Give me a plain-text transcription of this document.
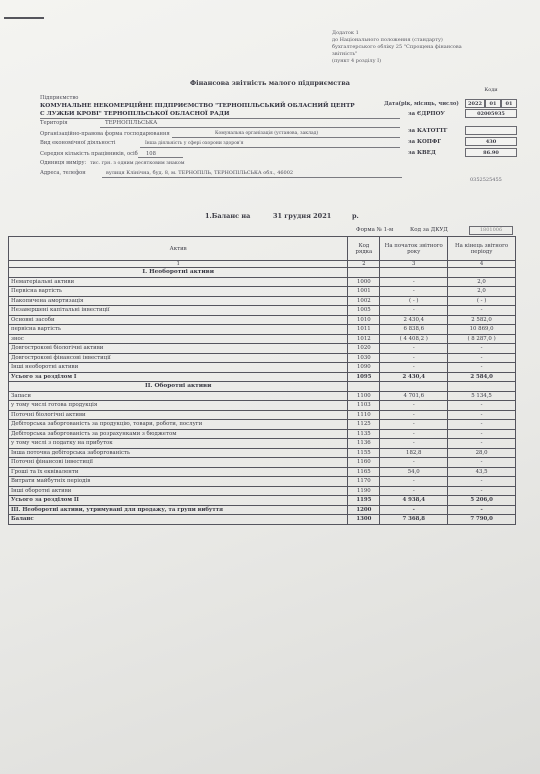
Додаток 1
до Національного положення (стандарту)
бухгалтерського обліку 25 "Спрощена фінансова
звітність"
(пункт 4 розділу I)
Фінансова звітність малого підприємства
Коди
Дата(рік, місяць, число)	2022	01	01
за ЄДРПОУ	02005935
за КАТОТТГ
за КОПФГ	430
за КВЕД	86.90
Підприємство
КОМУНАЛЬНЕ НЕКОМЕРЦІЙНЕ ПІДПРИЄМСТВО "ТЕРНОПІЛЬСЬКИЙ ОБЛАСНИЙ ЦЕНТР
С ЛУЖБИ КРОВІ" ТЕРНОПІЛЬСЬКОЇ ОБЛАСНОЇ РАДИ
Територія	ТЕРНОПІЛЬСЬКА
Організаційно-правова форма господарювання	Комунальна організація (установа, заклад)
Вид економічної діяльності	Інша діяльність у сфері охорони здоров'я
Середня кількість працівників, осіб 108
Одиниця виміру: тис. грн. з одним десятковим знаком
Адреса, телефон	вулиця Клінічна, буд. 8, м. ТЕРНОПІЛЬ, ТЕРНОПІЛЬСЬКА обл., 46002
0352525455
1.Баланс на	31 грудня 2021	р.
Форма № 1-м	Код за ДКУД	1801006
Актив	Код рядка	На початок звітного року	На кінець звітного періоду
1	2	3	4
I. Необоротні активи			
Нематеріальні активи	1000	-	2,0
Первісна вартість	1001	-	2,0
Накопичена амортизація	1002	( - )	( - )
Незавершені капітальні інвестиції	1005	-	-
Основні засоби	1010	2 430,4	2 582,0
первісна вартість	1011	6 838,6	10 869,0
знос	1012	( 4 408,2 )	( 8 287,0 )
Довгострокові біологічні активи	1020	-	-
Довгострокові фінансові інвестиції	1030	-	-
Інші необоротні активи	1090	-	-
Усього за розділом I	1095	2 430,4	2 584,0
II. Оборотні активи			
Запаси	1100	4 701,6	5 134,5
у тому числі готова продукція	1103	-	-
Поточні біологічні активи	1110	-	-
Дебіторська заборгованість за продукцію, товари, роботи, послуги	1125	-	-
Дебіторська заборгованість за розрахунками з бюджетом	1135	-	-
у тому числі з податку на прибуток	1136	-	-
Інша поточна дебіторська заборгованість	1155	182,8	28,0
Поточні фінансові інвестиції	1160	-	-
Гроші та їх еквіваленти	1165	54,0	43,5
Витрати майбутніх періодів	1170	-	-
Інші оборотні активи	1190	-	-
Усього за розділом II	1195	4 938,4	5 206,0
III. Необоротні активи, утримувані для продажу, та групи вибуття	1200	-	-
Баланс	1300	7 368,8	7 790,0
